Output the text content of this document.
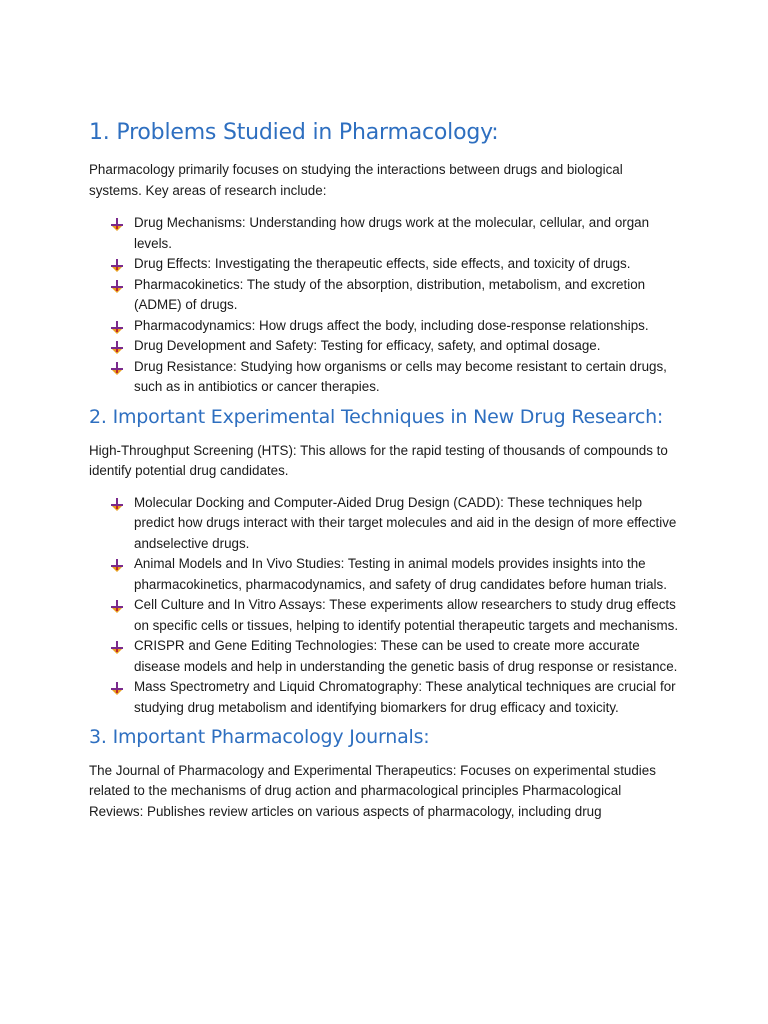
1. Problems Studied in Pharmacology:

Pharmacology primarily focuses on studying the interactions between drugs and biological systems. Key areas of research include:

Drug Mechanisms: Understanding how drugs work at the molecular, cellular, and organ levels.
Drug Effects: Investigating the therapeutic effects, side effects, and toxicity of drugs.
Pharmacokinetics: The study of the absorption, distribution, metabolism, and excretion (ADME) of drugs.
Pharmacodynamics: How drugs affect the body, including dose-response relationships.
Drug Development and Safety: Testing for efficacy, safety, and optimal dosage.
Drug Resistance: Studying how organisms or cells may become resistant to certain drugs, such as in antibiotics or cancer therapies.
2. Important Experimental Techniques in New Drug Research:

High-Throughput Screening (HTS): This allows for the rapid testing of thousands of compounds to identify potential drug candidates.

Molecular Docking and Computer-Aided Drug Design (CADD): These techniques help predict how drugs interact with their target molecules and aid in the design of more effective andselective drugs.
Animal Models and In Vivo Studies: Testing in animal models provides insights into the pharmacokinetics, pharmacodynamics, and safety of drug candidates before human trials.
Cell Culture and In Vitro Assays: These experiments allow researchers to study drug effects on specific cells or tissues, helping to identify potential therapeutic targets and mechanisms.
CRISPR and Gene Editing Technologies: These can be used to create more accurate disease models and help in understanding the genetic basis of drug response or resistance.
Mass Spectrometry and Liquid Chromatography: These analytical techniques are crucial for studying drug metabolism and identifying biomarkers for drug efficacy and toxicity.
3. Important Pharmacology Journals:

The Journal of Pharmacology and Experimental Therapeutics: Focuses on experimental studies related to the mechanisms of drug action and pharmacological principles Pharmacological Reviews: Publishes review articles on various aspects of pharmacology, including drug
